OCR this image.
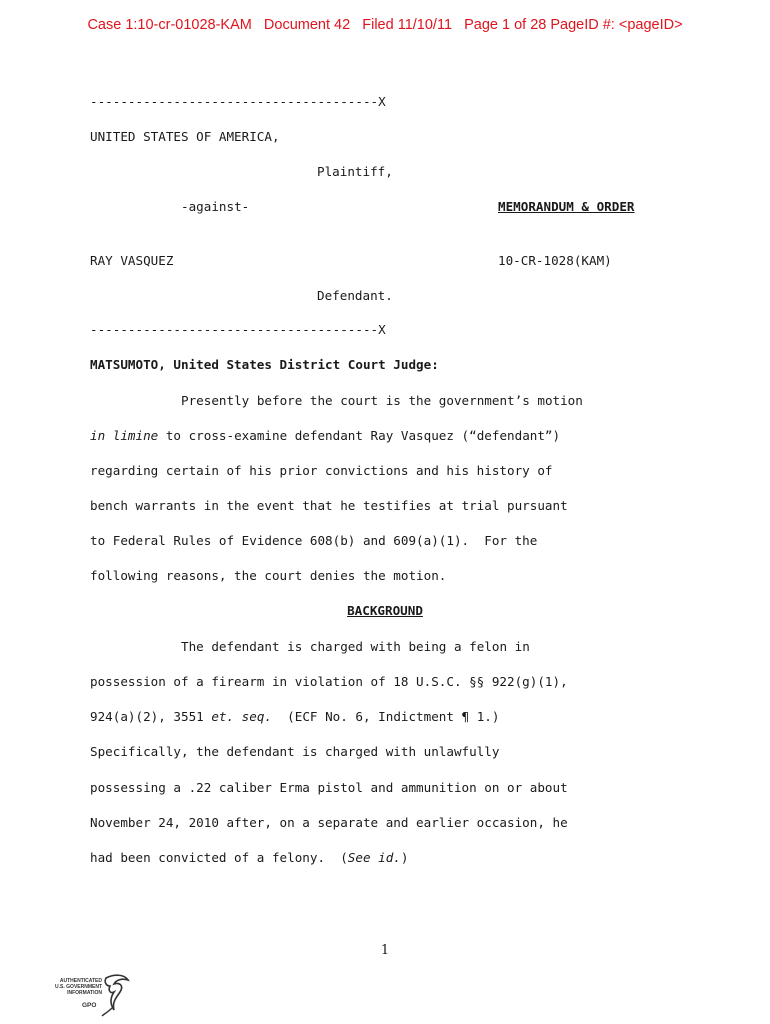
Case 1:10-cr-01028-KAM   Document 42   Filed 11/10/11   Page 1 of 28 PageID #: <pageID>
--------------------------------------X
UNITED STATES OF AMERICA,
Plaintiff,
-against-	MEMORANDUM & ORDER
RAY VASQUEZ	10-CR-1028(KAM)
Defendant.
--------------------------------------X
MATSUMOTO, United States District Court Judge:
Presently before the court is the government’s motion
in limine to cross-examine defendant Ray Vasquez (“defendant”)
regarding certain of his prior convictions and his history of
bench warrants in the event that he testifies at trial pursuant
to Federal Rules of Evidence 608(b) and 609(a)(1).  For the
following reasons, the court denies the motion.
BACKGROUND
The defendant is charged with being a felon in
possession of a firearm in violation of 18 U.S.C. §§ 922(g)(1),
924(a)(2), 3551 et. seq.  (ECF No. 6, Indictment ¶ 1.)
Specifically, the defendant is charged with unlawfully
possessing a .22 caliber Erma pistol and ammunition on or about
November 24, 2010 after, on a separate and earlier occasion, he
had been convicted of a felony.  (See id.)
1
AUTHENTICATED
U.S. GOVERNMENT
INFORMATION
GPO
